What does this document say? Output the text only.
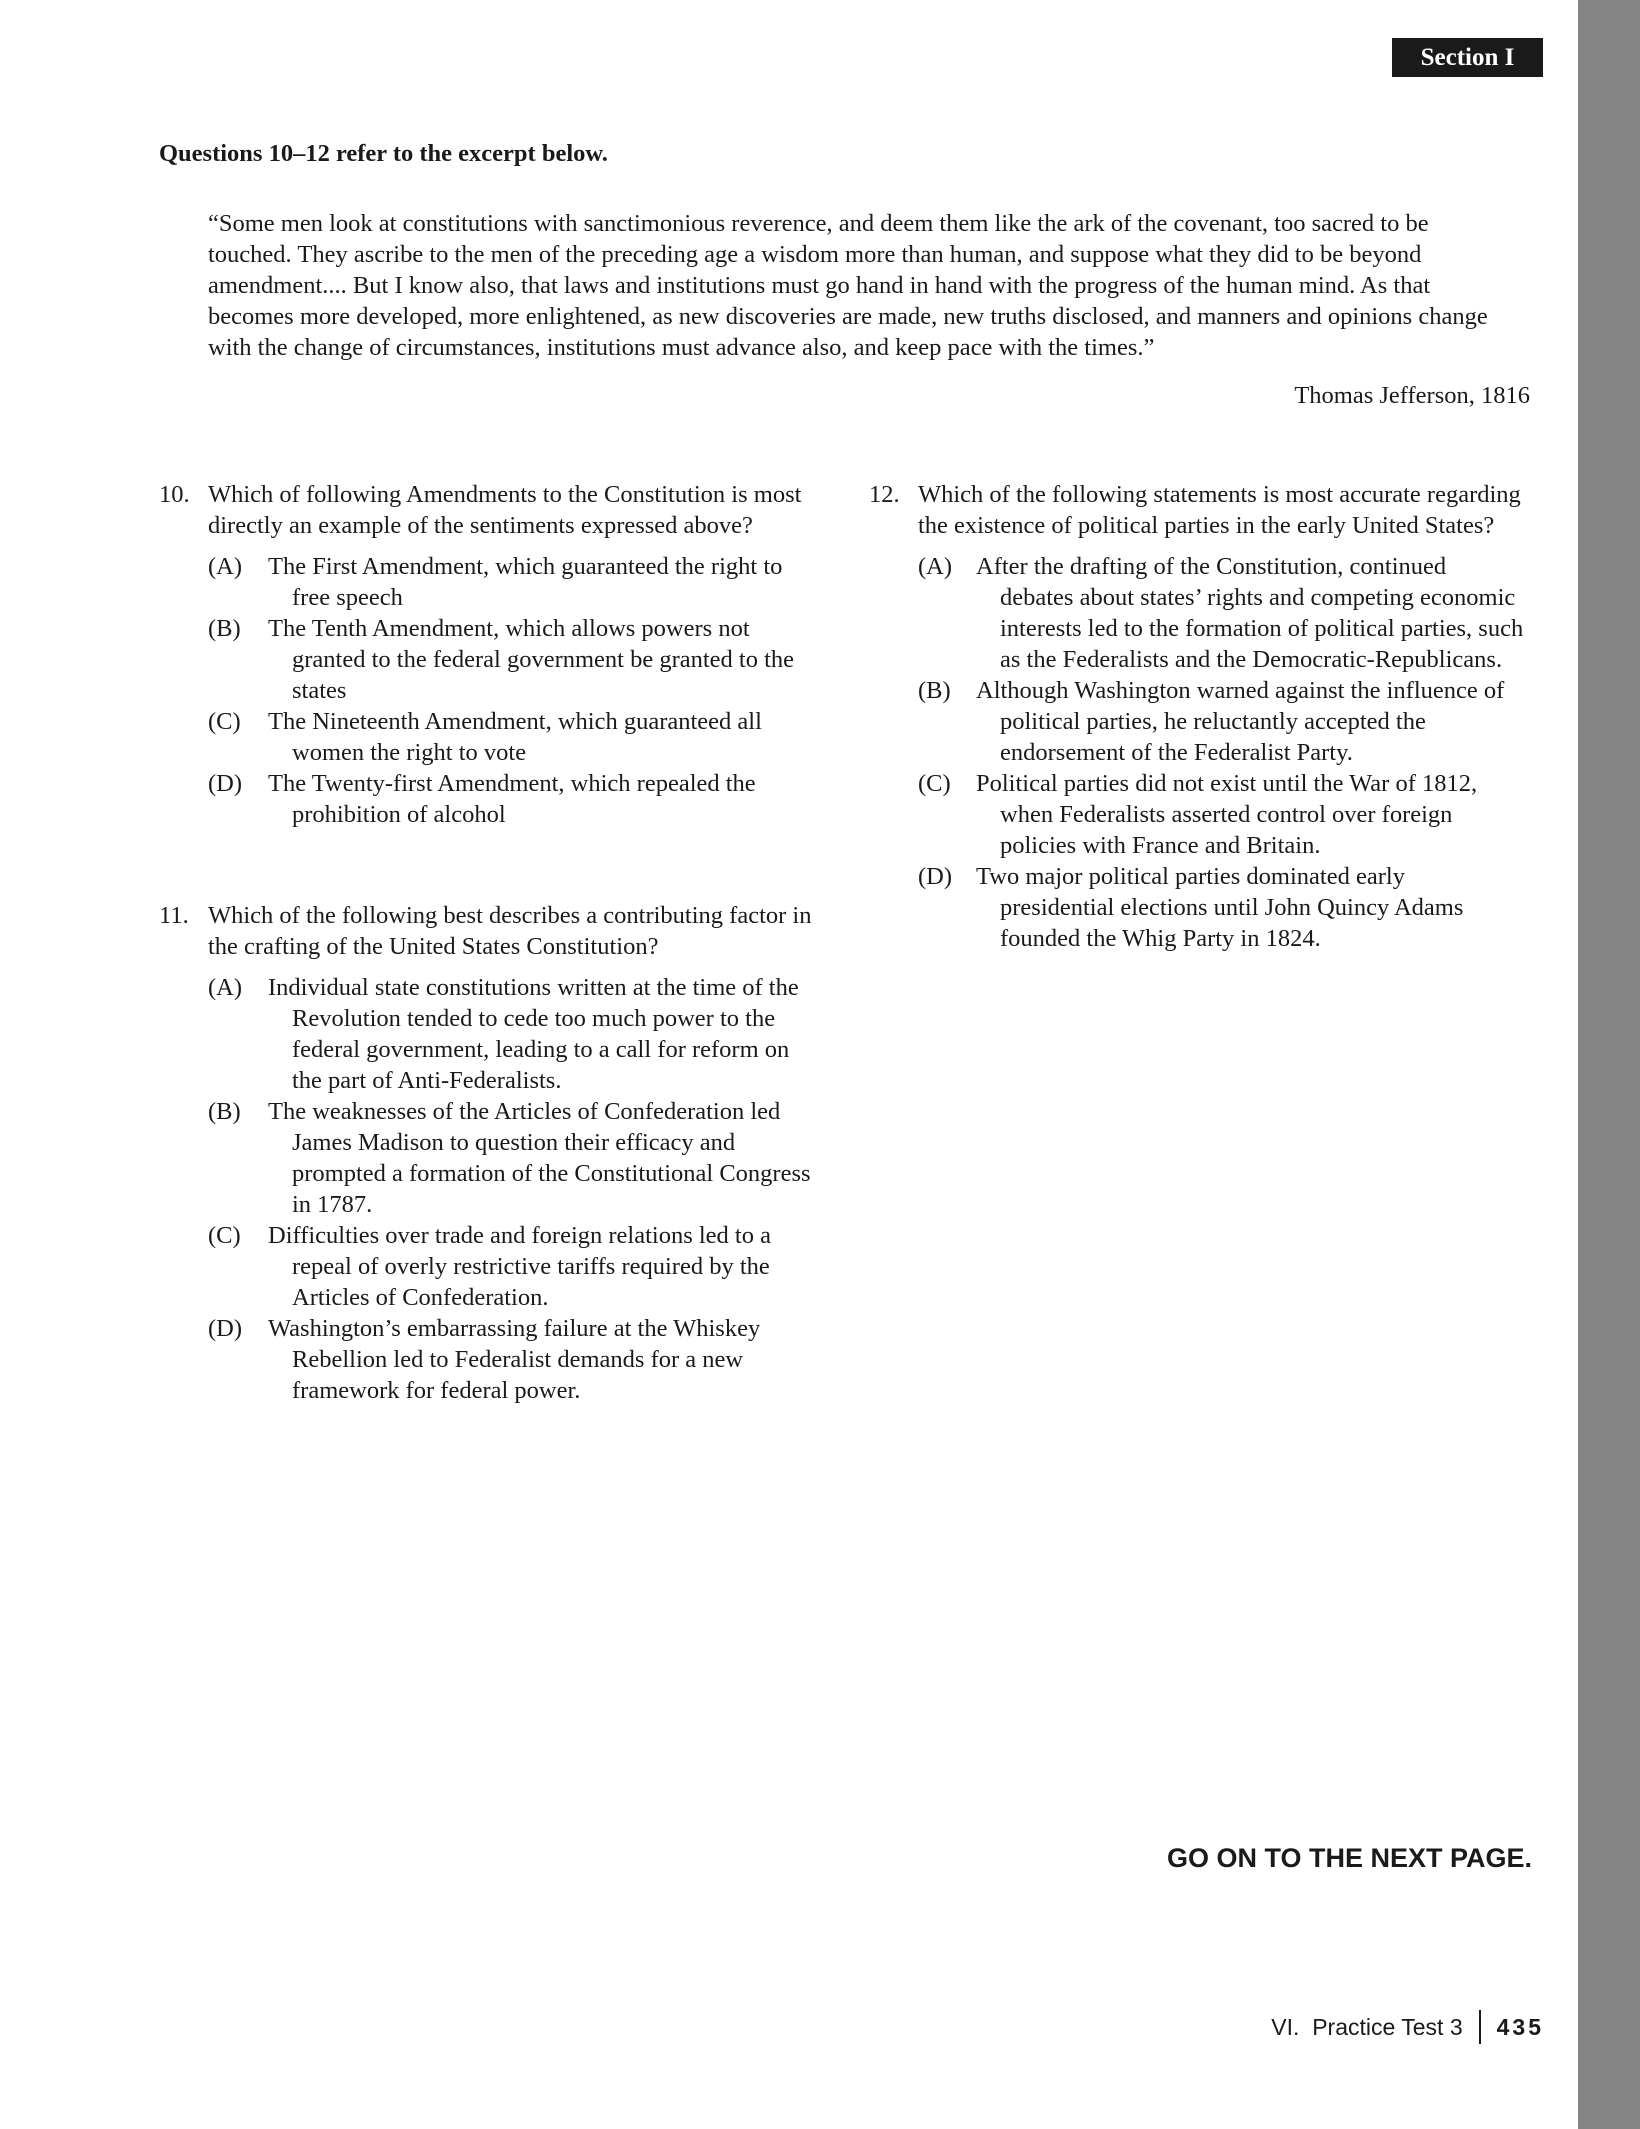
Section I
Questions 10–12 refer to the excerpt below.
“Some men look at constitutions with sanctimonious reverence, and deem them like the ark of the covenant, too sacred to be touched. They ascribe to the men of the preceding age a wisdom more than human, and suppose what they did to be beyond amendment.... But I know also, that laws and institutions must go hand in hand with the progress of the human mind. As that becomes more developed, more enlightened, as new discoveries are made, new truths disclosed, and manners and opinions change with the change of circumstances, institutions must advance also, and keep pace with the times.”
Thomas Jefferson, 1816
10. Which of following Amendments to the Constitution is most directly an example of the sentiments expressed above?
(A) The First Amendment, which guaranteed the right to free speech
(B) The Tenth Amendment, which allows powers not granted to the federal government be granted to the states
(C) The Nineteenth Amendment, which guaranteed all women the right to vote
(D) The Twenty-first Amendment, which repealed the prohibition of alcohol
11. Which of the following best describes a contributing factor in the crafting of the United States Constitution?
(A) Individual state constitutions written at the time of the Revolution tended to cede too much power to the federal government, leading to a call for reform on the part of Anti-Federalists.
(B) The weaknesses of the Articles of Confederation led James Madison to question their efficacy and prompted a formation of the Constitutional Congress in 1787.
(C) Difficulties over trade and foreign relations led to a repeal of overly restrictive tariffs required by the Articles of Confederation.
(D) Washington’s embarrassing failure at the Whiskey Rebellion led to Federalist demands for a new framework for federal power.
12. Which of the following statements is most accurate regarding the existence of political parties in the early United States?
(A) After the drafting of the Constitution, continued debates about states’ rights and competing economic interests led to the formation of political parties, such as the Federalists and the Democratic-Republicans.
(B) Although Washington warned against the influence of political parties, he reluctantly accepted the endorsement of the Federalist Party.
(C) Political parties did not exist until the War of 1812, when Federalists asserted control over foreign policies with France and Britain.
(D) Two major political parties dominated early presidential elections until John Quincy Adams founded the Whig Party in 1824.
GO ON TO THE NEXT PAGE.
VI.  Practice Test 3 435
